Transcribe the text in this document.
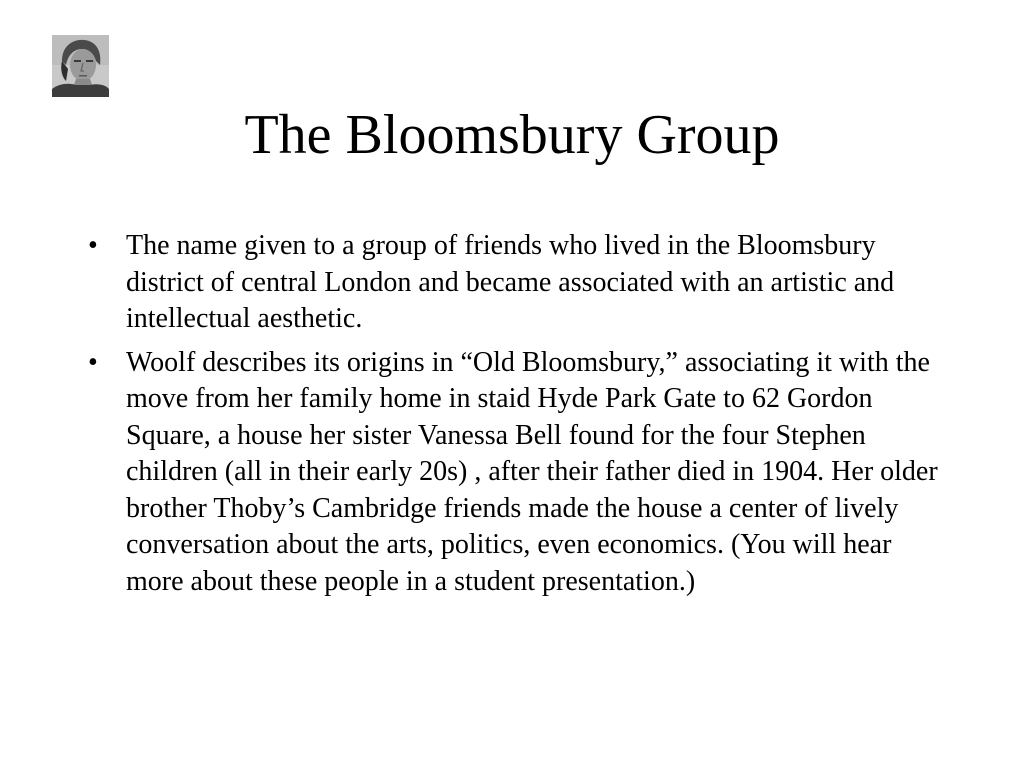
The Bloomsbury Group
• The name given to a group of friends who lived in the Bloomsbury district of central London and became associated with an artistic and intellectual aesthetic.
• Woolf describes its origins in “Old Bloomsbury,” associating it with the move from her family home in staid Hyde Park Gate to 62 Gordon Square, a house her sister Vanessa Bell found for the four Stephen children (all in their early 20s) , after their father died in 1904. Her older brother Thoby’s Cambridge friends made the house a center of lively conversation about the arts, politics, even economics. (You will hear more about these people in a student presentation.)
